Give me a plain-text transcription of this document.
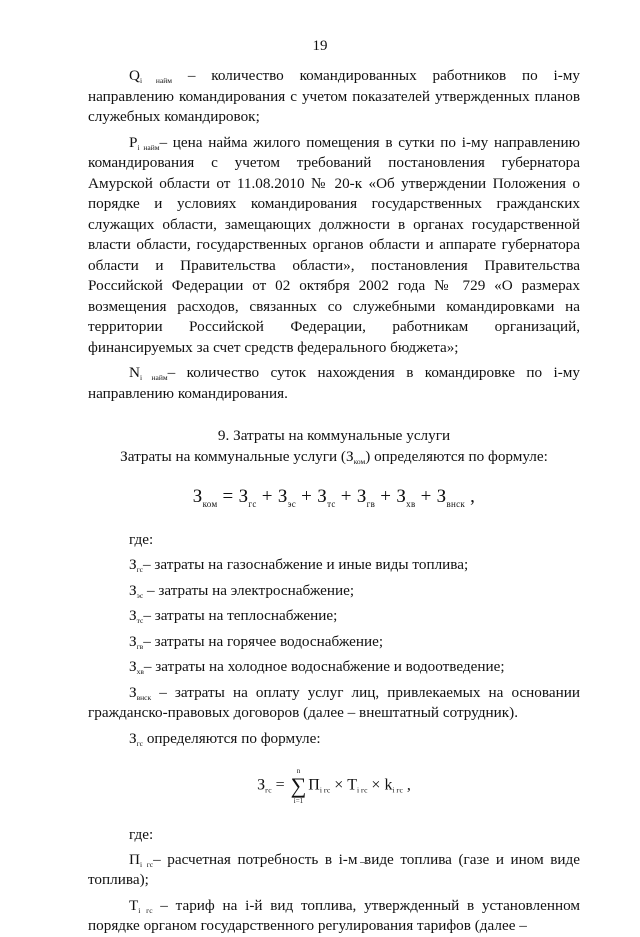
19

$Q_{i найм}$ – количество командированных работников по i-му направлению командирования с учетом показателей утвержденных планов служебных командировок;

$P_{i найм}-$ цена найма жилого помещения в сутки по i-му направлению командирования с учетом требований постановления губернатора Амурской области от 11.08.2010 № 20-к «Об утверждении Положения о порядке и условиях командирования государственных гражданских служащих области, замещающих должности в органах государственной власти области, государственных органов области и аппарате губернатора области и Правительства области», постановления Правительства Российской Федерации от 02 октября 2002 года № 729 «О размерах возмещения расходов, связанных со служебными командировками на территории Российской Федерации, работникам организаций, финансируемых за счет средств федерального бюджета»;

$N_{i найм}-$ количество суток нахождения в командировке по i-му направлению командирования.

9. Затраты на коммунальные услуги

Затраты на коммунальные услуги $(З_{ком})$ определяются по формуле:

$З_{ком} = З_{гс} + З_{эс} + З_{тс} + З_{гв} + З_{хв} + З_{внск}$ ,

где:

$З_{гс}-$ затраты на газоснабжение и иные виды топлива;

$З_{эс}$ – затраты на электроснабжение;

$З_{тс}-$ затраты на теплоснабжение;

$З_{гв}-$ затраты на горячее водоснабжение;

$З_{хв}-$ затраты на холодное водоснабжение и водоотведение;

$З_{внск}$ – затраты на оплату услуг лиц, привлекаемых на основании гражданско-правовых договоров (далее – внештатный сотрудник).

$З_{гс}$ определяются по формуле:

$З_{гс}$ =
n
∑
i=1
$П_{i гс} \times Т_{i гс} \times k_{i гс}$ ,

где:

$П_{i гс}-$ расчетная потребность в i-м виде топлива (газе и ином виде топлива);

$Т_{i гс}$ – тариф на i-й вид топлива, утвержденный в установленном порядке органом государственного регулирования тарифов (далее –
